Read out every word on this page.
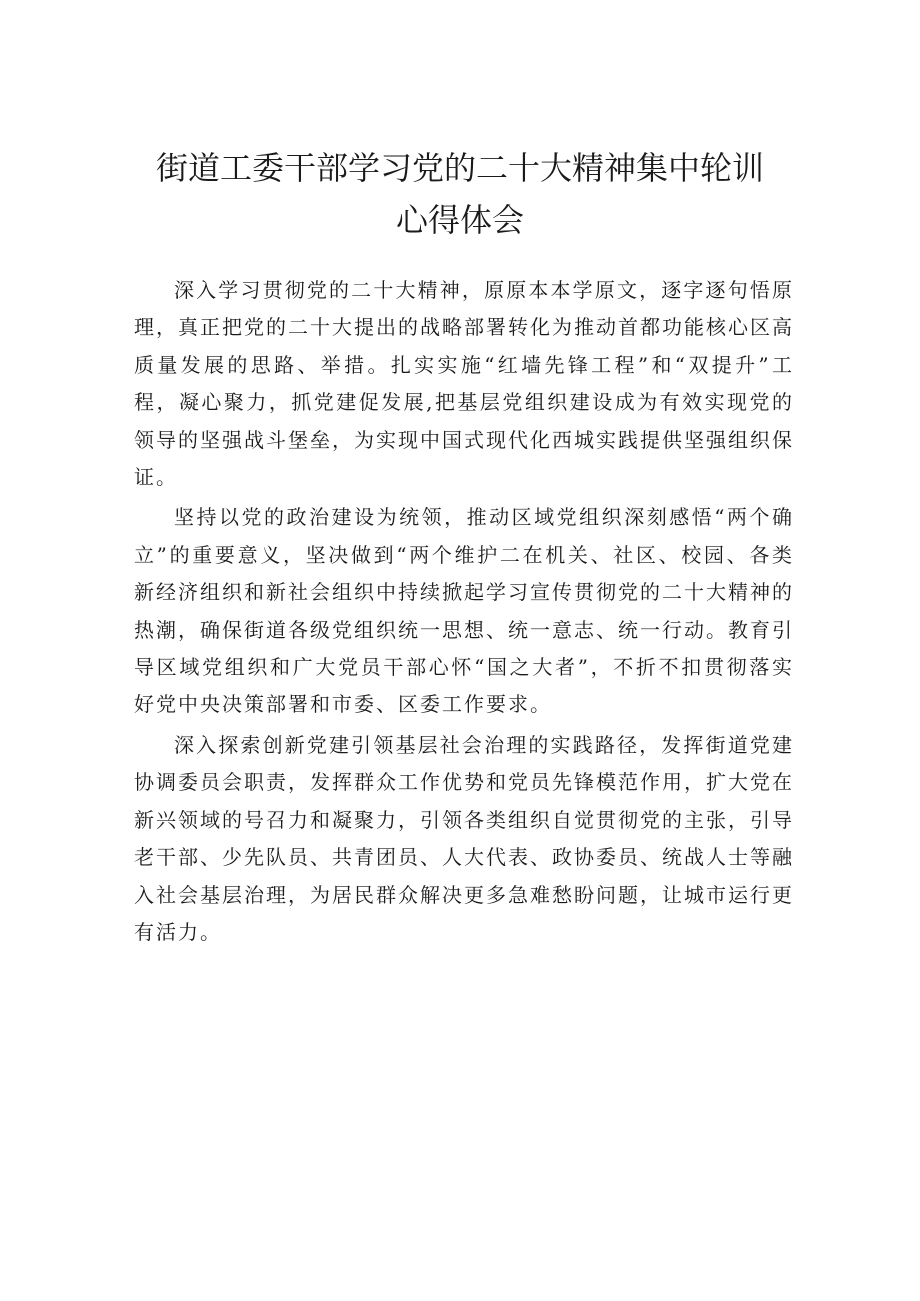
街道工委干部学习党的二十大精神集中轮训
心得体会

深入学习贯彻党的二十大精神，原原本本学原文，逐字逐句悟原理，真正把党的二十大提出的战略部署转化为推动首都功能核心区高质量发展的思路、举措。扎实实施“红墙先锋工程”和“双提升”工程，凝心聚力，抓党建促发展,把基层党组织建设成为有效实现党的领导的坚强战斗堡垒，为实现中国式现代化西城实践提供坚强组织保证。

坚持以党的政治建设为统领，推动区域党组织深刻感悟“两个确立”的重要意义，坚决做到“两个维护二在机关、社区、校园、各类新经济组织和新社会组织中持续掀起学习宣传贯彻党的二十大精神的热潮，确保街道各级党组织统一思想、统一意志、统一行动。教育引导区域党组织和广大党员干部心怀“国之大者”，不折不扣贯彻落实好党中央决策部署和市委、区委工作要求。

深入探索创新党建引领基层社会治理的实践路径，发挥街道党建协调委员会职责，发挥群众工作优势和党员先锋模范作用，扩大党在新兴领域的号召力和凝聚力，引领各类组织自觉贯彻党的主张，引导老干部、少先队员、共青团员、人大代表、政协委员、统战人士等融入社会基层治理，为居民群众解决更多急难愁盼问题，让城市运行更有活力。
